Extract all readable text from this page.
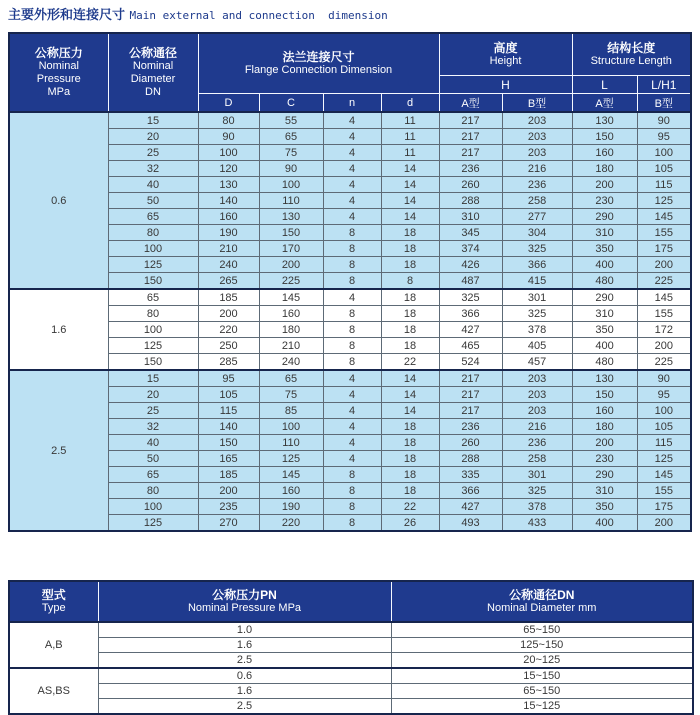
主要外形和连接尺寸 Main external and connection  dimension
公称压力
Nominal
Pressure
MPa

公称通径
Nominal
Diameter
DN

法兰连接尺寸
Flange Connection Dimension

高度
Height

结构长度
Structure Length

						H		L	L/H1
		D	C	n	d	A型	B型	A型	B型
0.6	15	80	55	4	11	217	203	130	90
	20	90	65	4	11	217	203	150	95
	25	100	75	4	11	217	203	160	100
	32	120	90	4	14	236	216	180	105
	40	130	100	4	14	260	236	200	115
	50	140	110	4	14	288	258	230	125
	65	160	130	4	14	310	277	290	145
	80	190	150	8	18	345	304	310	155
	100	210	170	8	18	374	325	350	175
	125	240	200	8	18	426	366	400	200
	150	265	225	8	8	487	415	480	225
1.6	65	185	145	4	18	325	301	290	145
	80	200	160	8	18	366	325	310	155
	100	220	180	8	18	427	378	350	172
	125	250	210	8	18	465	405	400	200
	150	285	240	8	22	524	457	480	225
2.5	15	95	65	4	14	217	203	130	90
	20	105	75	4	14	217	203	150	95
	25	115	85	4	14	217	203	160	100
	32	140	100	4	18	236	216	180	105
	40	150	110	4	18	260	236	200	115
	50	165	125	4	18	288	258	230	125
	65	185	145	8	18	335	301	290	145
	80	200	160	8	18	366	325	310	155
	100	235	190	8	22	427	378	350	175
	125	270	220	8	26	493	433	400	200
型式
Type

公称压力PN
Nominal Pressure MPa

公称通径DN
Nominal Diameter mm

A,B	1.0	65~150
	1.6	125~150
	2.5	20~125
AS,BS	0.6	15~150
	1.6	65~150
	2.5	15~125
